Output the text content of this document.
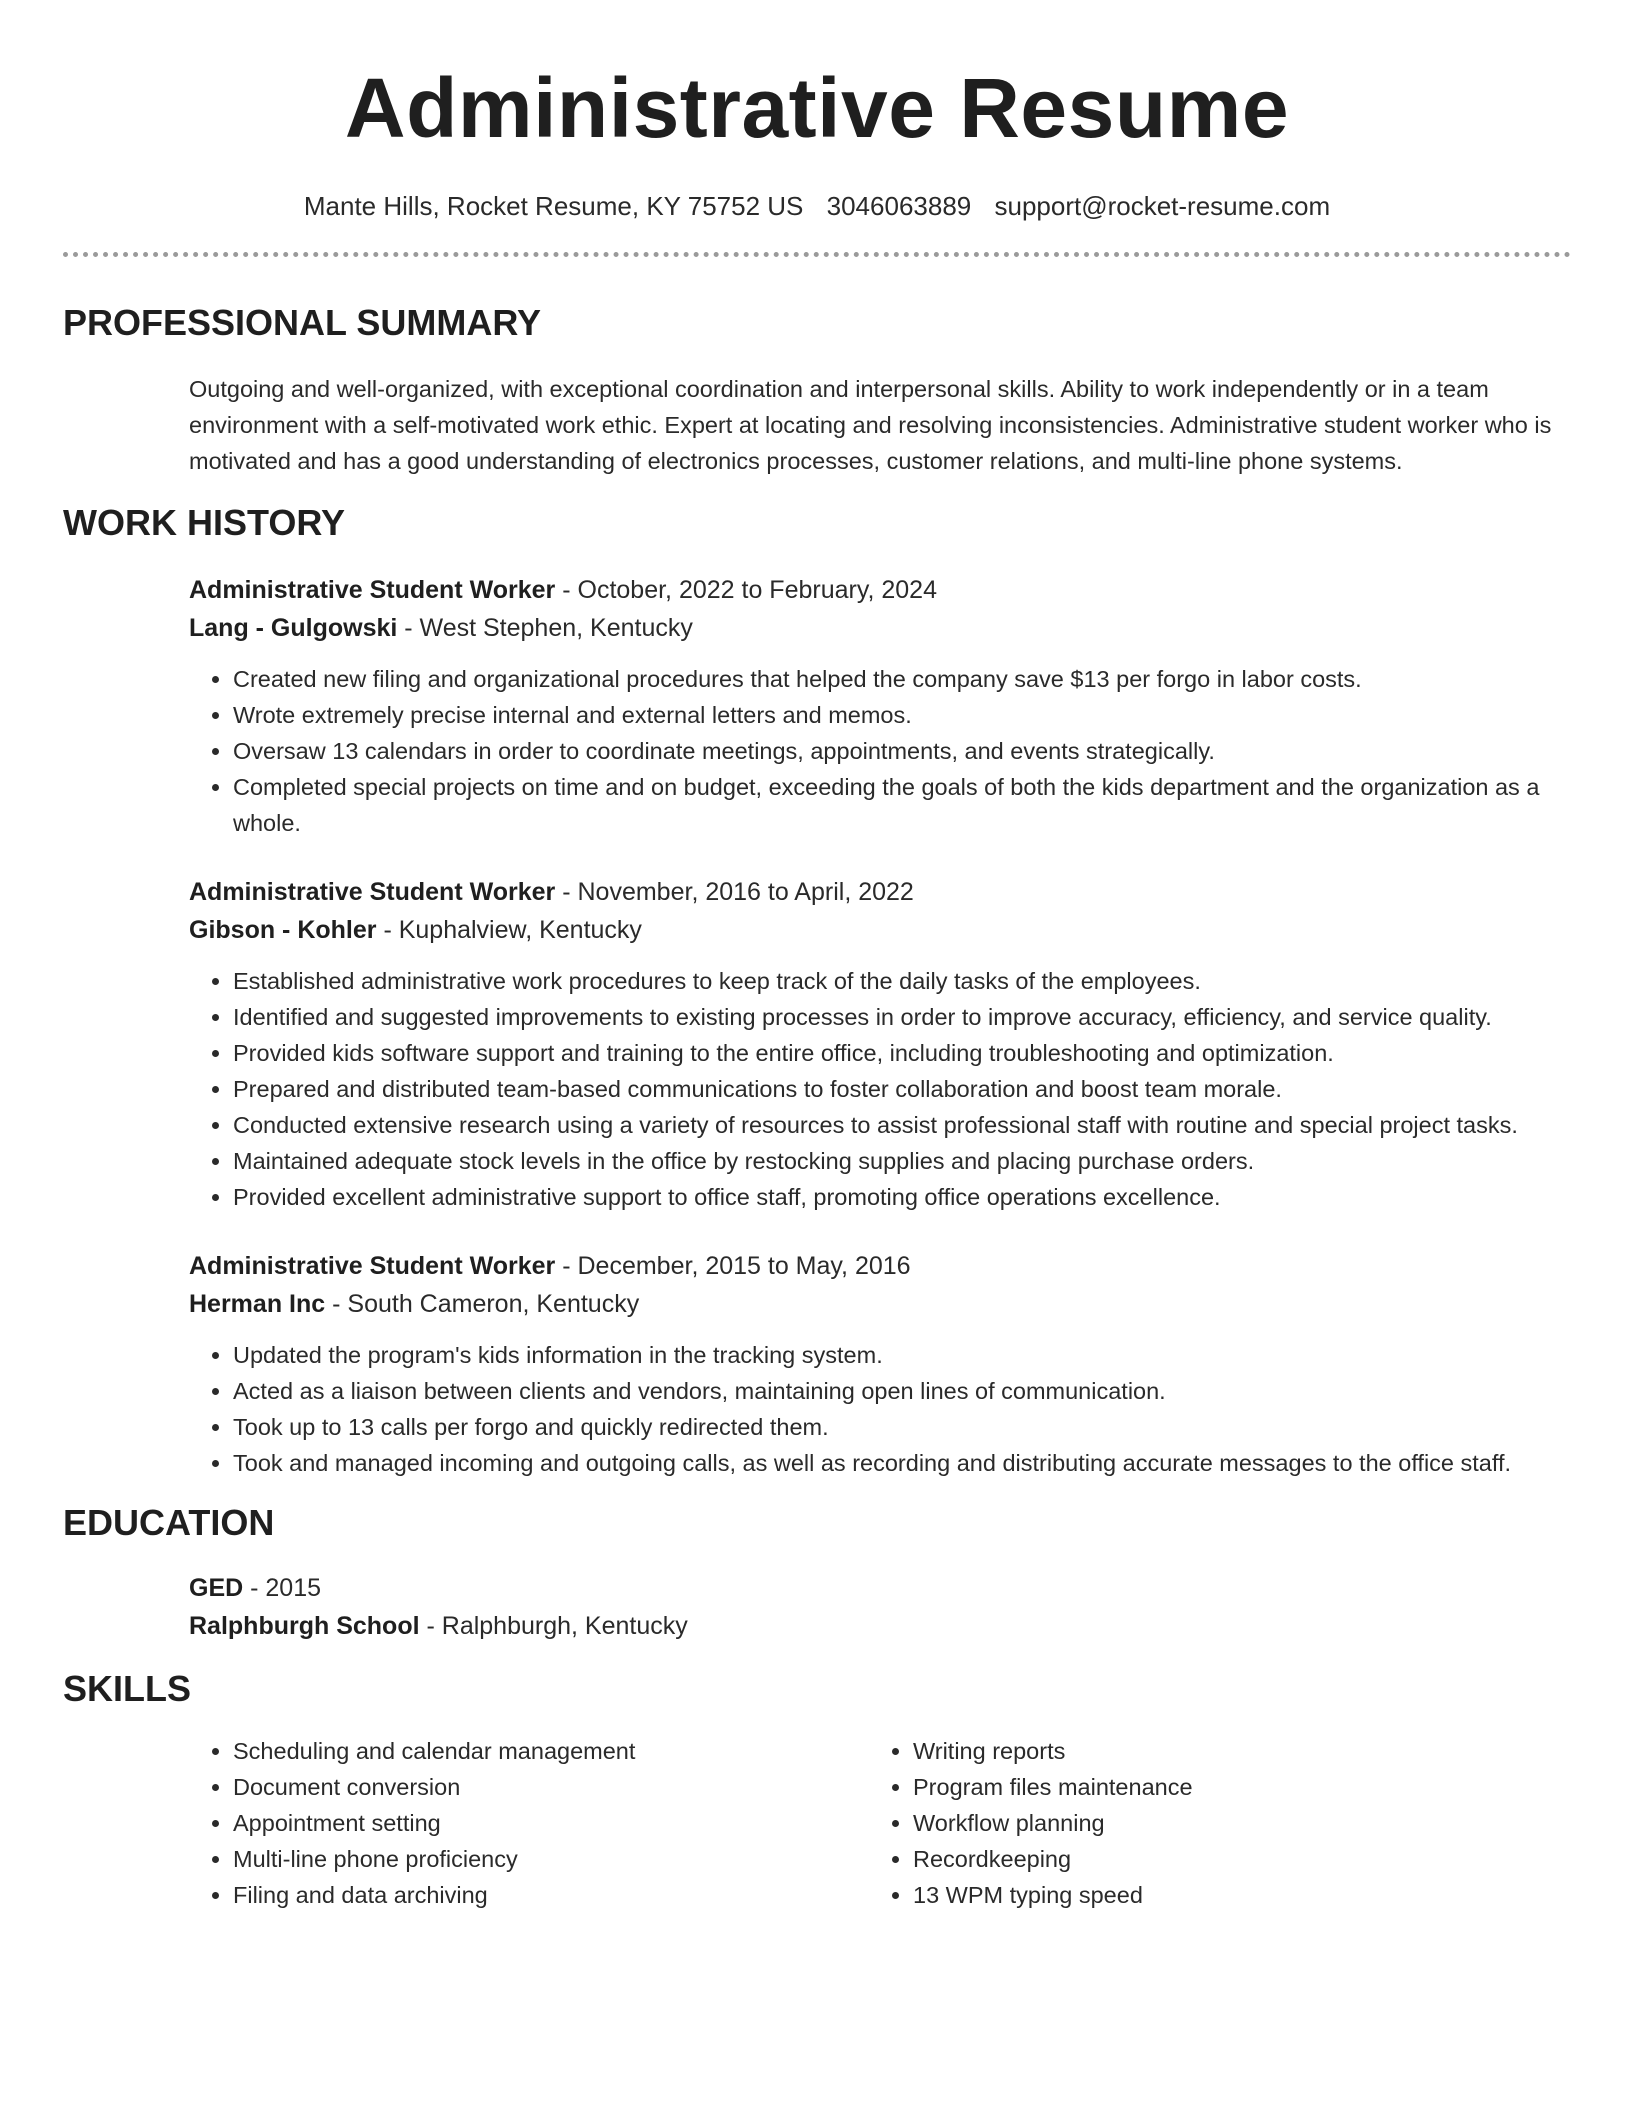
Administrative Resume
Mante Hills, Rocket Resume, KY 75752 US 3046063889 support@rocket-resume.com
PROFESSIONAL SUMMARY

Outgoing and well-organized, with exceptional coordination and interpersonal skills. Ability to work independently or in a team environment with a self-motivated work ethic. Expert at locating and resolving inconsistencies. Administrative student worker who is motivated and has a good understanding of electronics processes, customer relations, and multi-line phone systems.

WORK HISTORY
Administrative Student Worker - October, 2022 to February, 2024
Lang - Gulgowski - West Stephen, Kentucky
• Created new filing and organizational procedures that helped the company save $13 per forgo in labor costs.
• Wrote extremely precise internal and external letters and memos.
• Oversaw 13 calendars in order to coordinate meetings, appointments, and events strategically.
• Completed special projects on time and on budget, exceeding the goals of both the kids department and the organization as a whole.
Administrative Student Worker - November, 2016 to April, 2022
Gibson - Kohler - Kuphalview, Kentucky
• Established administrative work procedures to keep track of the daily tasks of the employees.
• Identified and suggested improvements to existing processes in order to improve accuracy, efficiency, and service quality.
• Provided kids software support and training to the entire office, including troubleshooting and optimization.
• Prepared and distributed team-based communications to foster collaboration and boost team morale.
• Conducted extensive research using a variety of resources to assist professional staff with routine and special project tasks.
• Maintained adequate stock levels in the office by restocking supplies and placing purchase orders.
• Provided excellent administrative support to office staff, promoting office operations excellence.
Administrative Student Worker - December, 2015 to May, 2016
Herman Inc - South Cameron, Kentucky
• Updated the program's kids information in the tracking system.
• Acted as a liaison between clients and vendors, maintaining open lines of communication.
• Took up to 13 calls per forgo and quickly redirected them.
• Took and managed incoming and outgoing calls, as well as recording and distributing accurate messages to the office staff.
EDUCATION
GED - 2015
Ralphburgh School - Ralphburgh, Kentucky
SKILLS
• Scheduling and calendar management
• Document conversion
• Appointment setting
• Multi-line phone proficiency
• Filing and data archiving
• Writing reports
• Program files maintenance
• Workflow planning
• Recordkeeping
• 13 WPM typing speed
